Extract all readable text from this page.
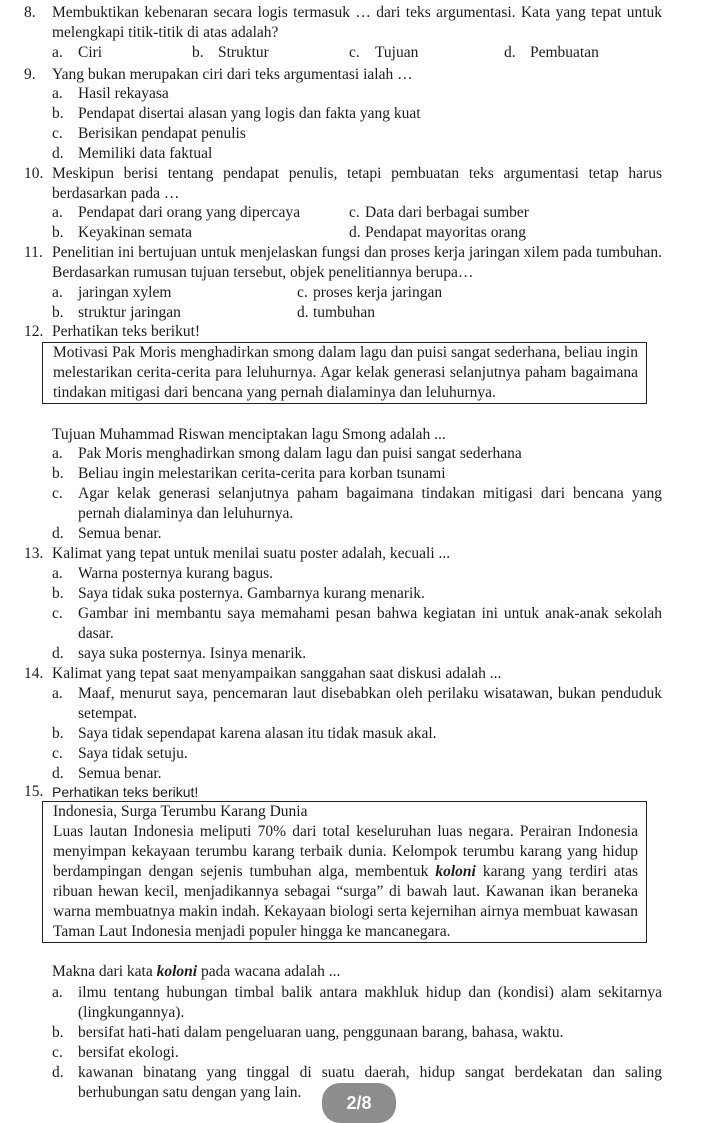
8. Membuktikan kebenaran secara logis termasuk … dari teks argumentasi. Kata yang tepat untuk melengkapi titik-titik di atas adalah?
a. Ciri	b. Struktur	c. Tujuan	d. Pembuatan
9. Yang bukan merupakan ciri dari teks argumentasi ialah …
a. Hasil rekayasa
b. Pendapat disertai alasan yang logis dan fakta yang kuat
c. Berisikan pendapat penulis
d. Memiliki data faktual
10. Meskipun berisi tentang pendapat penulis, tetapi pembuatan teks argumentasi tetap harus berdasarkan pada …
a. Pendapat dari orang yang dipercaya	c. Data dari berbagai sumber
b. Keyakinan semata	d. Pendapat mayoritas orang
11. Penelitian ini bertujuan untuk menjelaskan fungsi dan proses kerja jaringan xilem pada tumbuhan. Berdasarkan rumusan tujuan tersebut, objek penelitiannya berupa…
a. jaringan xylem	c. proses kerja jaringan
b. struktur jaringan	d. tumbuhan
12. Perhatikan teks berikut!

Motivasi Pak Moris menghadirkan smong dalam lagu dan puisi sangat sederhana, beliau ingin melestarikan cerita-cerita para leluhurnya. Agar kelak generasi selanjutnya paham bagaimana tindakan mitigasi dari bencana yang pernah dialaminya dan leluhurnya.

Tujuan Muhammad Riswan menciptakan lagu Smong adalah ...
a. Pak Moris menghadirkan smong dalam lagu dan puisi sangat sederhana
b. Beliau ingin melestarikan cerita-cerita para korban tsunami
c. Agar kelak generasi selanjutnya paham bagaimana tindakan mitigasi dari bencana yang pernah dialaminya dan leluhurnya.
d. Semua benar.
13. Kalimat yang tepat untuk menilai suatu poster adalah, kecuali ...
a. Warna posternya kurang bagus.
b. Saya tidak suka posternya. Gambarnya kurang menarik.
c. Gambar ini membantu saya memahami pesan bahwa kegiatan ini untuk anak-anak sekolah dasar.
d. saya suka posternya. Isinya menarik.
14. Kalimat yang tepat saat menyampaikan sanggahan saat diskusi adalah ...
a. Maaf, menurut saya, pencemaran laut disebabkan oleh perilaku wisatawan, bukan penduduk setempat.
b. Saya tidak sependapat karena alasan itu tidak masuk akal.
c. Saya tidak setuju.
d. Semua benar.
15. Perhatikan teks berikut!

Indonesia, Surga Terumbu Karang Dunia

Luas lautan Indonesia meliputi 70% dari total keseluruhan luas negara. Perairan Indonesia menyimpan kekayaan terumbu karang terbaik dunia. Kelompok terumbu karang yang hidup berdampingan dengan sejenis tumbuhan alga, membentuk koloni karang yang terdiri atas ribuan hewan kecil, menjadikannya sebagai “surga” di bawah laut. Kawanan ikan beraneka warna membuatnya makin indah. Kekayaan biologi serta kejernihan airnya membuat kawasan Taman Laut Indonesia menjadi populer hingga ke mancanegara.

Makna dari kata koloni pada wacana adalah ...
a. ilmu tentang hubungan timbal balik antara makhluk hidup dan (kondisi) alam sekitarnya (lingkungannya).
b. bersifat hati-hati dalam pengeluaran uang, penggunaan barang, bahasa, waktu.
c. bersifat ekologi.
d. kawanan binatang yang tinggal di suatu daerah, hidup sangat berdekatan dan saling berhubungan satu dengan yang lain.
2/8
